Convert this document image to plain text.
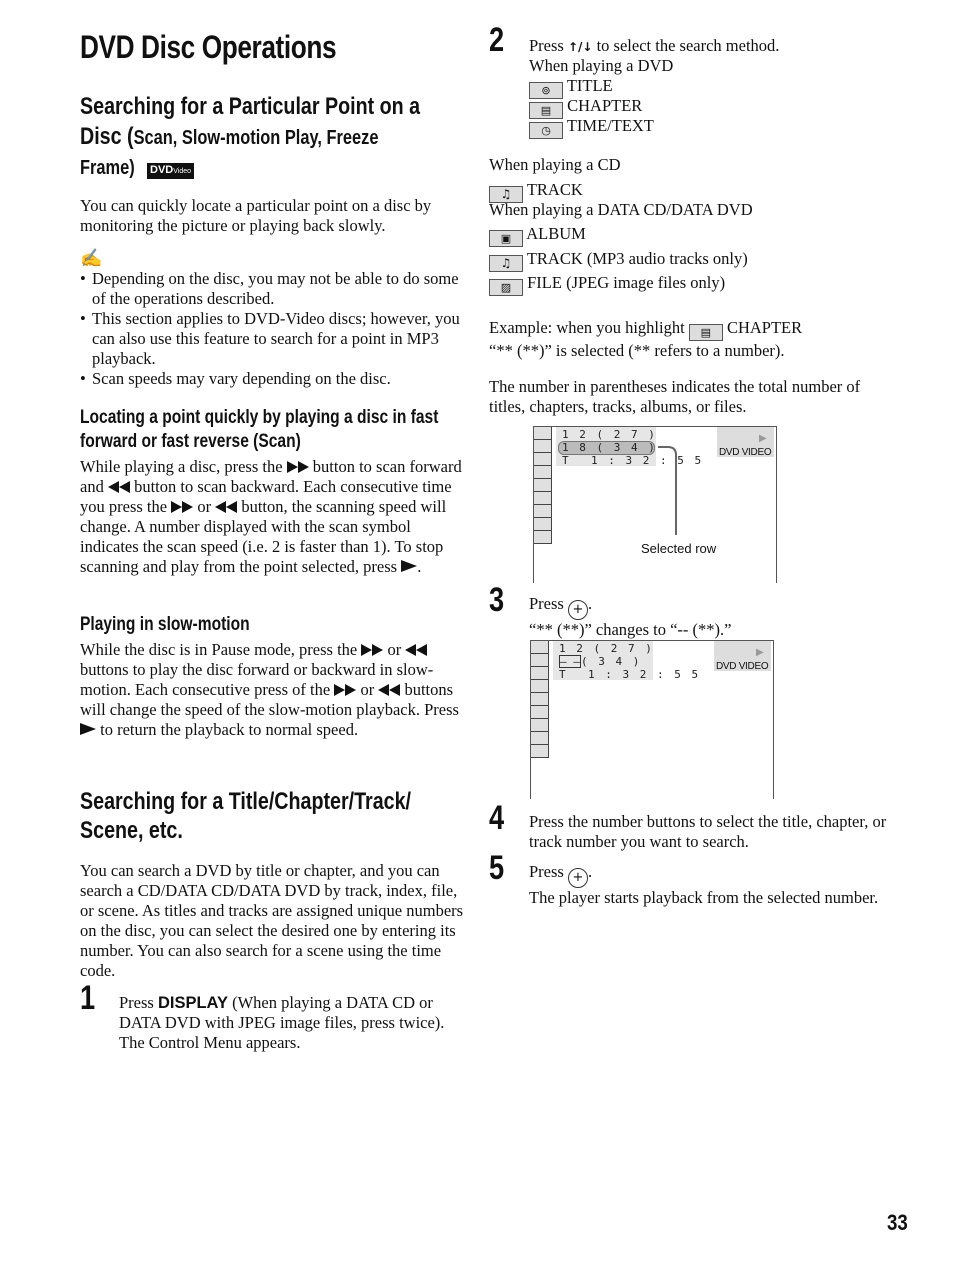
DVD Disc Operations
Searching for a Particular Point on a
Disc (Scan, Slow-motion Play, Freeze
Frame) DVDVideo

You can quickly locate a particular point on a disc by monitoring the picture or playing back slowly.

✍
• Depending on the disc, you may not be able to do some of the operations described.
• This section applies to DVD-Video discs; however, you can also use this feature to search for a point in MP3 playback.
• Scan speeds may vary depending on the disc.
Locating a point quickly by playing a disc in fast forward or fast reverse (Scan)

While playing a disc, press the button to scan forward and button to scan backward. Each consecutive time you press the or button, the scanning speed will change. A number displayed with the scan symbol indicates the scan speed (i.e. 2 is faster than 1). To stop scanning and play from the point selected, press .

Playing in slow-motion

While the disc is in Pause mode, press the or
buttons to play the disc forward or backward in slow-motion. Each consecutive press of the or buttons will change the speed of the slow-motion playback. Press  to return the playback to normal speed.

Searching for a Title/Chapter/Track/
Scene, etc.

You can search a DVD by title or chapter, and you can search a CD/DATA CD/DATA DVD by track, index, file, or scene. As titles and tracks are assigned unique numbers on the disc, you can select the desired one by entering its number. You can also search for a scene using the time code.

1 Press DISPLAY (When playing a DATA CD or DATA DVD with JPEG image files, press twice). The Control Menu appears.

2 Press ↑/↓ to select the search method.

When playing a DVD

⊚ TITLE
▤ CHAPTER
◷ TIME/TEXT

When playing a CD

♫ TRACK

When playing a DATA CD/DATA DVD

▣ ALBUM
♫ TRACK (MP3 audio tracks only)
▨ FILE (JPEG image files only)

Example: when you highlight ▤ CHAPTER
“** (**)” is selected (** refers to a number).

The number in parentheses indicates the total number of titles, chapters, tracks, albums, or files.

1 2 ( 2 7 )
1 8 ( 3 4 )
T 1 : 3 2 : 5 5
▶
DVD VIDEO
Selected row
3 Press + .
“** (**)” changes to “-- (**).”

1 2 ( 2 7 )
– – ( 3 4 )
T 1 : 3 2 : 5 5
▶
DVD VIDEO
4 Press the number buttons to select the title, chapter, or track number you want to search.

5 Press + .
The player starts playback from the selected number.

33
